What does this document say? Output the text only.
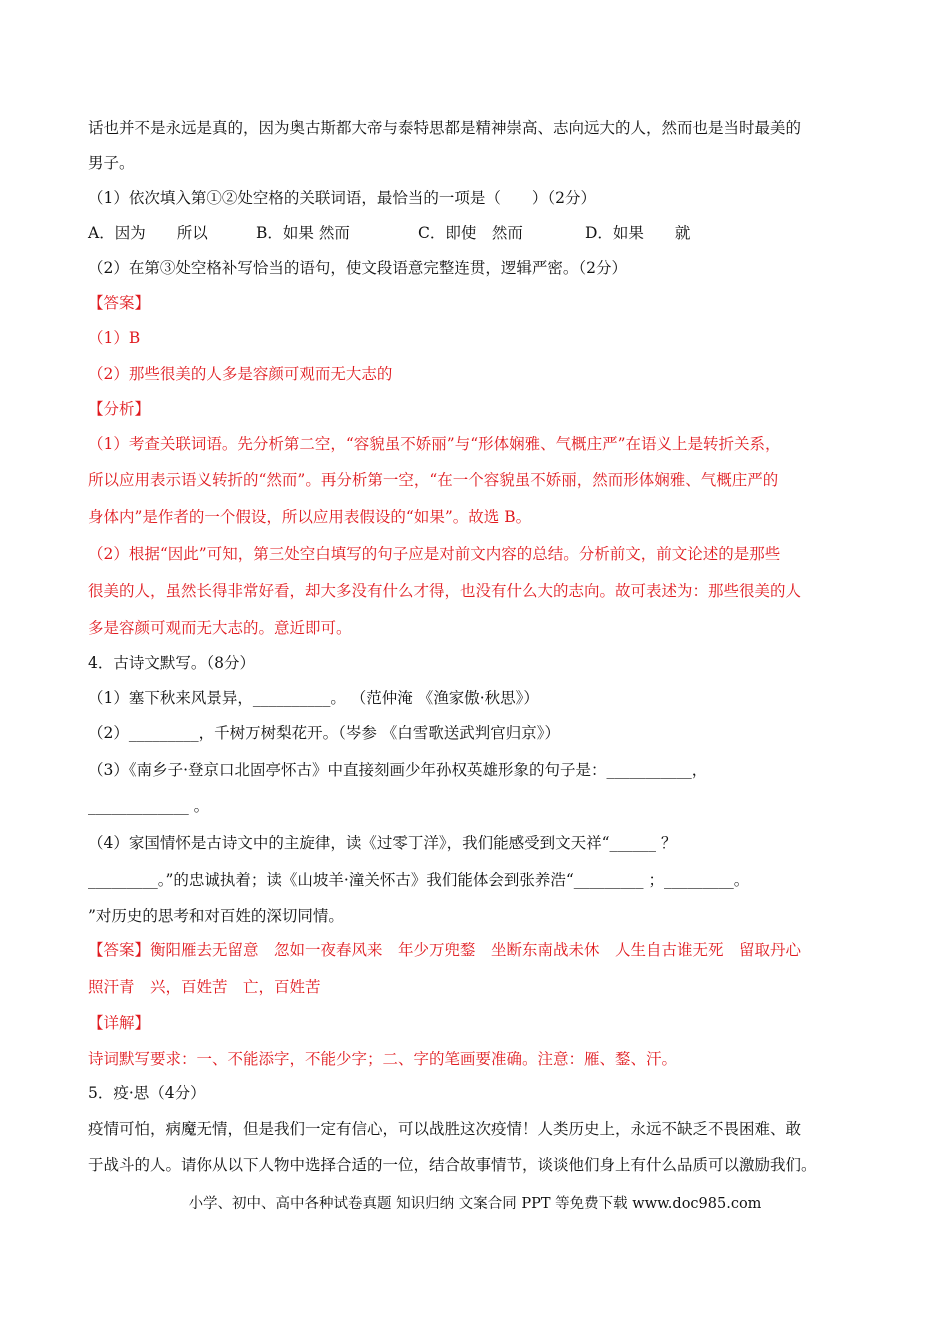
话也并不是永远是真的，因为奥古斯都大帝与泰特思都是精神崇高、志向远大的人，然而也是当时最美的
男子。
（1）依次填入第①②处空格的关联词语，最恰当的一项是（　　）（2分）
A．因为　　所以	B．如果 然而	C．即使　然而	D．如果　　就
（2）在第③处空格补写恰当的语句，使文段语意完整连贯，逻辑严密。（2分）
【答案】
（1）B
（2）那些很美的人多是容颜可观而无大志的
【分析】
（1）考查关联词语。先分析第二空，“容貌虽不娇丽”与“形体娴雅、气概庄严”在语义上是转折关系，
所以应用表示语义转折的“然而”。再分析第一空，“在一个容貌虽不娇丽，然而形体娴雅、气概庄严的
身体内”是作者的一个假设，所以应用表假设的“如果”。故选 B。
（2）根据“因此”可知，第三处空白填写的句子应是对前文内容的总结。分析前文，前文论述的是那些
很美的人，虽然长得非常好看，却大多没有什么才得，也没有什么大的志向。故可表述为：那些很美的人
多是容颜可观而无大志的。意近即可。
4．古诗文默写。（8分）
（1）塞下秋来风景异，__________。 （范仲淹 《渔家傲·秋思》）
（2）_________，千树万树梨花开。（岑参 《白雪歌送武判官归京》）
（3）《南乡子·登京口北固亭怀古》中直接刻画少年孙权英雄形象的句子是：___________，
_____________ 。
（4）家国情怀是古诗文中的主旋律，读《过零丁洋》，我们能感受到文天祥“______ ？
_________。”的忠诚执着；读《山坡羊·潼关怀古》我们能体会到张养浩“_________ ；_________。
”对历史的思考和对百姓的深切同情。
【答案】衡阳雁去无留意　忽如一夜春风来　年少万兜鍪　坐断东南战未休　人生自古谁无死　留取丹心
照汗青　兴，百姓苦　亡，百姓苦
【详解】
诗词默写要求：一、不能添字，不能少字；二、字的笔画要准确。注意：雁、鍪、汗。
5．疫·思（4分）
疫情可怕，病魔无情，但是我们一定有信心，可以战胜这次疫情！人类历史上，永远不缺乏不畏困难、敢
于战斗的人。请你从以下人物中选择合适的一位，结合故事情节，谈谈他们身上有什么品质可以激励我们。
小学、初中、高中各种试卷真题 知识归纳 文案合同 PPT 等免费下载 www.doc985.com
